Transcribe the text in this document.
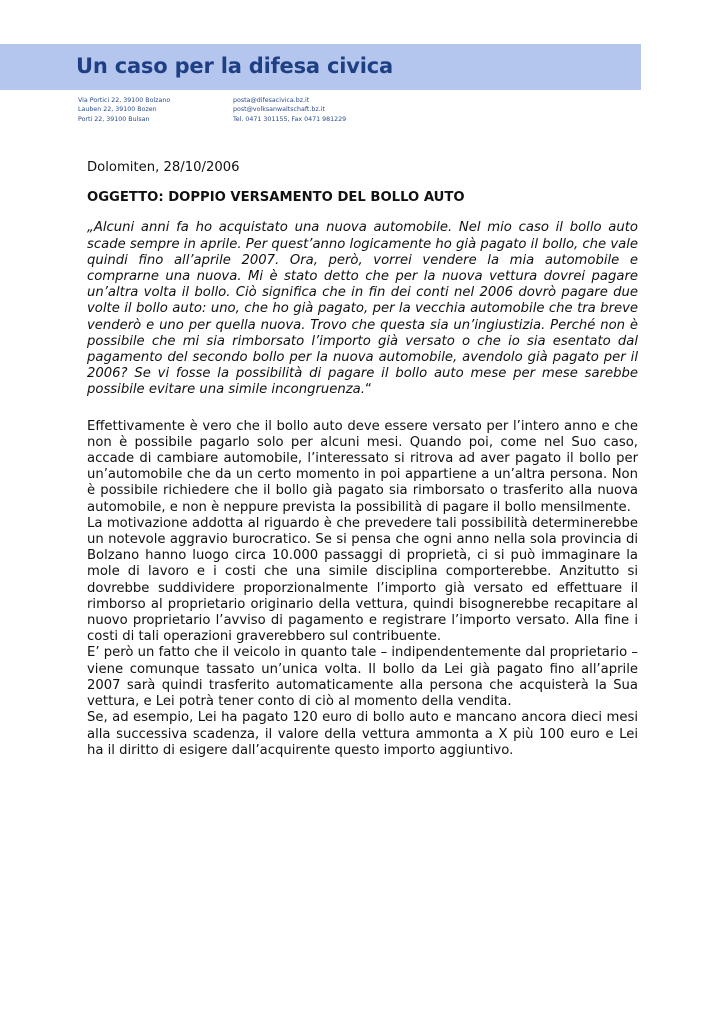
Un caso per la difesa civica
Via Portici 22, 39100 Bolzano
Lauben 22, 39100 Bozen
Porti 22, 39100 Bulsan
posta@difesacivica.bz.it
post@volksanwaltschaft.bz.it
Tel. 0471 301155, Fax 0471 981229

Dolomiten, 28/10/2006

OGGETTO: DOPPIO VERSAMENTO DEL BOLLO AUTO

„Alcuni anni fa ho acquistato una nuova automobile. Nel mio caso il bollo auto scade sempre in aprile. Per quest’anno logicamente ho già pagato il bollo, che vale quindi fino all’aprile 2007. Ora, però, vorrei vendere la mia automobile e comprarne una nuova. Mi è stato detto che per la nuova vettura dovrei pagare un’altra volta il bollo. Ciò significa che in fin dei conti nel 2006 dovrò pagare due volte il bollo auto: uno, che ho già pagato, per la vecchia automobile che tra breve venderò e uno per quella nuova. Trovo che questa sia un’ingiustizia. Perché non è possibile che mi sia rimborsato l’importo già versato o che io sia esentato dal pagamento del secondo bollo per la nuova automobile, avendolo già pagato per il 2006? Se vi fosse la possibilità di pagare il bollo auto mese per mese sarebbe possibile evitare una simile incongruenza.“

Effettivamente è vero che il bollo auto deve essere versato per l’intero anno e che non è possibile pagarlo solo per alcuni mesi. Quando poi, come nel Suo caso, accade di cambiare automobile, l’interessato si ritrova ad aver pagato il bollo per un’automobile che da un certo momento in poi appartiene a un’altra persona. Non è possibile richiedere che il bollo già pagato sia rimborsato o trasferito alla nuova automobile, e non è neppure prevista la possibilità di pagare il bollo mensilmente.

La motivazione addotta al riguardo è che prevedere tali possibilità determinerebbe un notevole aggravio burocratico. Se si pensa che ogni anno nella sola provincia di Bolzano hanno luogo circa 10.000 passaggi di proprietà, ci si può immaginare la mole di lavoro e i costi che una simile disciplina comporterebbe. Anzitutto si dovrebbe suddividere proporzionalmente l’importo già versato ed effettuare il rimborso al proprietario originario della vettura, quindi bisognerebbe recapitare al nuovo proprietario l’avviso di pagamento e registrare l’importo versato. Alla fine i costi di tali operazioni graverebbero sul contribuente.

E’ però un fatto che il veicolo in quanto tale – indipendentemente dal proprietario – viene comunque tassato un’unica volta. Il bollo da Lei già pagato fino all’aprile 2007 sarà quindi trasferito automaticamente alla persona che acquisterà la Sua vettura, e Lei potrà tener conto di ciò al momento della vendita.

Se, ad esempio, Lei ha pagato 120 euro di bollo auto e mancano ancora dieci mesi alla successiva scadenza, il valore della vettura ammonta a X più 100 euro e Lei ha il diritto di esigere dall’acquirente questo importo aggiuntivo.
